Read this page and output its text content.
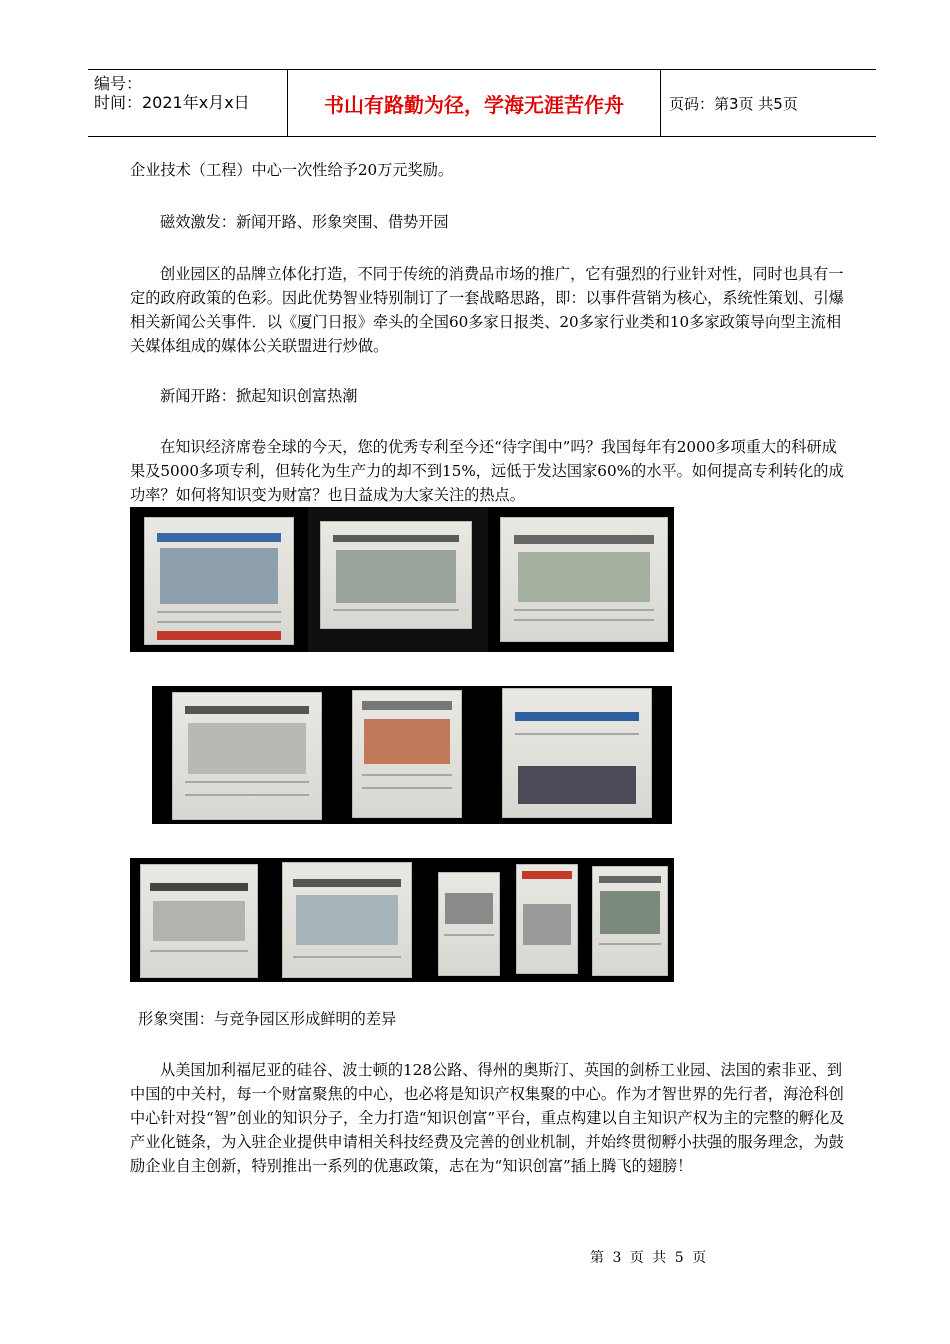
编号：
时间：2021年x月x日	书山有路勤为径，学海无涯苦作舟	页码：第3页 共5页
企业技术（工程）中心一次性给予20万元奖励。
磁效激发：新闻开路、形象突围、借势开园
创业园区的品牌立体化打造，不同于传统的消费品市场的推广，它有强烈的行业针对性，同时也具有一定的政府政策的色彩。因此优势智业特别制订了一套战略思路，即：以事件营销为核心，系统性策划、引爆相关新闻公关事件．以《厦门日报》牵头的全国60多家日报类、20多家行业类和10多家政策导向型主流相关媒体组成的媒体公关联盟进行炒做。
新闻开路：掀起知识创富热潮
在知识经济席卷全球的今天，您的优秀专利至今还“待字闺中”吗？我国每年有2000多项重大的科研成果及5000多项专利，但转化为生产力的却不到15%，远低于发达国家60%的水平。如何提高专利转化的成功率？如何将知识变为财富？也日益成为大家关注的热点。
形象突围：与竞争园区形成鲜明的差异
从美国加利福尼亚的硅谷、波士顿的128公路、得州的奥斯汀、英国的剑桥工业园、法国的索非亚、到中国的中关村，每一个财富聚焦的中心，也必将是知识产权集聚的中心。作为才智世界的先行者，海沧科创中心针对投“智”创业的知识分子，全力打造“知识创富”平台，重点构建以自主知识产权为主的完整的孵化及产业化链条，为入驻企业提供申请相关科技经费及完善的创业机制，并始终贯彻孵小扶强的服务理念，为鼓励企业自主创新，特别推出一系列的优惠政策，志在为“知识创富”插上腾飞的翅膀！
第 3 页 共 5 页
